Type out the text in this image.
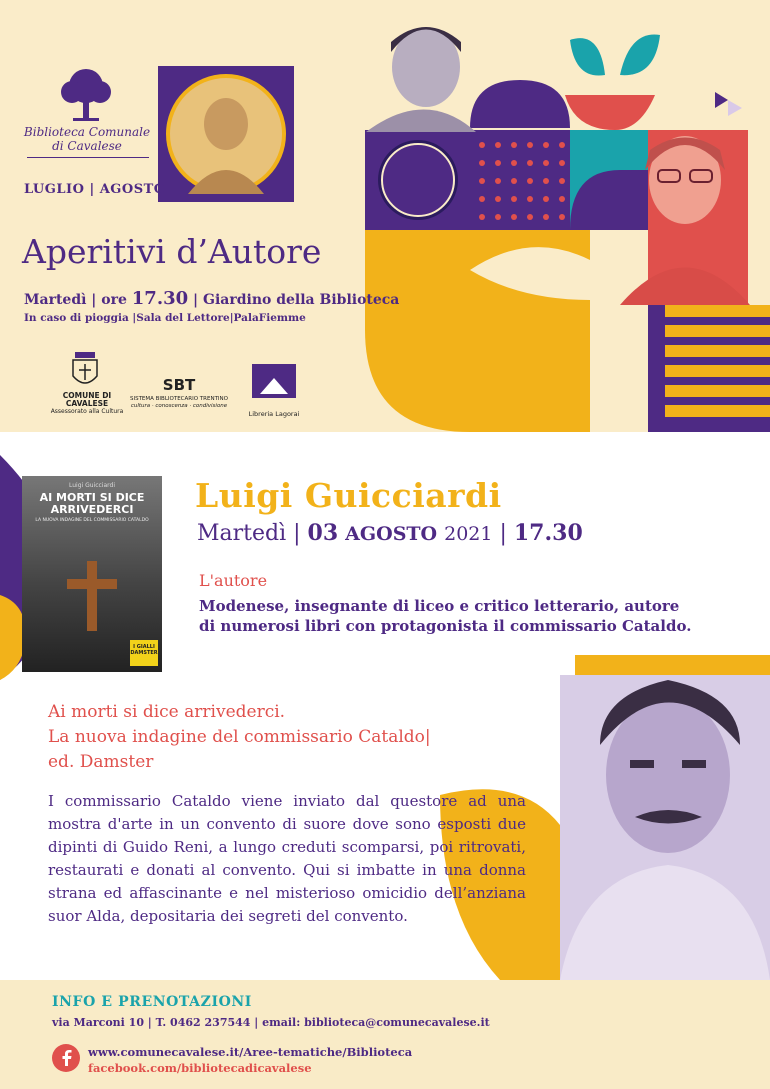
Biblioteca Comunale
di Cavalese
LUGLIO | AGOSTO
Aperitivi d’Autore
Martedì | ore 17.30 | Giardino della Biblioteca
In caso di pioggia |Sala del Lettore|PalaFiemme
COMUNE DI
CAVALESE
Assessorato alla Cultura
SBT
SISTEMA BIBLIOTECARIO TRENTINO
cultura · conoscenza · condivisione
Libreria Lagorai
Luigi Guicciardi
AI MORTI SI DICE
ARRIVEDERCI
LA NUOVA INDAGINE DEL COMMISSARIO CATALDO
I GIALLI
DAMSTER
Luigi Guicciardi
Martedì | 03 AGOSTO 2021 | 17.30
L'autore
Modenese, insegnante di liceo e critico letterario, autore
di numerosi libri con protagonista il commissario Cataldo.
Ai morti si dice arrivederci.
La nuova indagine del commissario Cataldo|
ed. Damster
I commissario Cataldo viene inviato dal questore ad una mostra d'arte in un convento di suore dove sono esposti due dipinti di Guido Reni, a lungo creduti scomparsi, poi ritrovati, restaurati e donati al convento. Qui si imbatte in una donna strana ed affascinante e nel misterioso omicidio dell’anziana suor Alda, depositaria dei segreti del convento.
INFO E PRENOTAZIONI
via Marconi 10 | T. 0462 237544 | email: biblioteca@comunecavalese.it
www.comunecavalese.it/Aree-tematiche/Biblioteca
facebook.com/bibliotecadicavalese
